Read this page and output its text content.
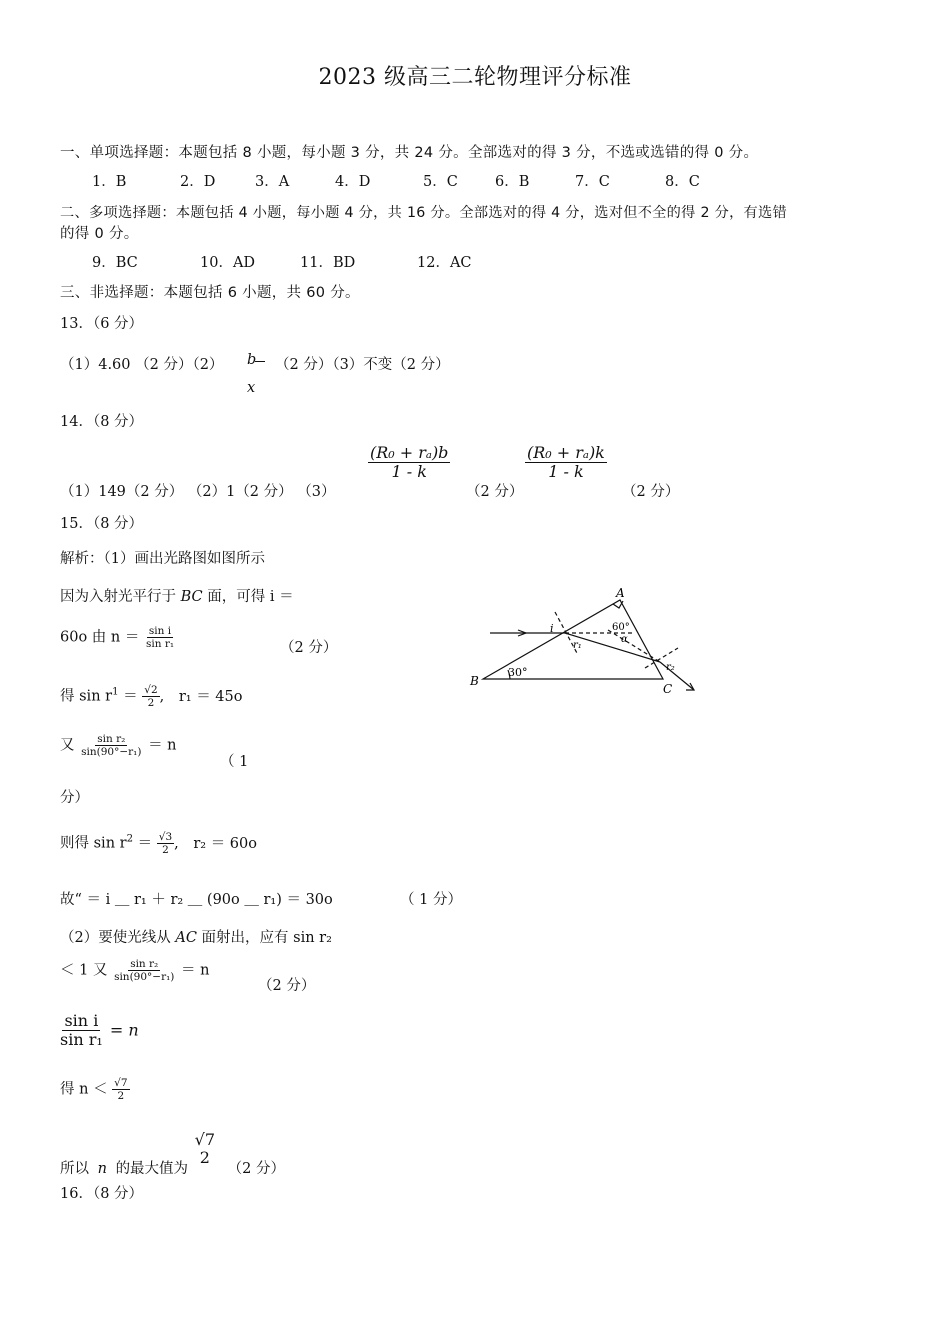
2023 级高三二轮物理评分标准
一、单项选择题：本题包括 8 小题，每小题 3 分，共 24 分。全部选对的得 3 分，不选或选错的得 0 分。
1．B	2．D	3．A	4．D	5．C	6．B	7．C	8．C
二、多项选择题：本题包括 4 小题，每小题 4 分，共 16 分。全部选对的得 4 分，选对但不全的得 2 分，有选错
的得 0 分。
9．BC	10．AD	11．BD	12．AC
三、非选择题：本题包括 6 小题，共 60 分。
13．（6 分）
（1）4.60 （2 分）（2） b
x
（2 分）（3）不变（2 分）
14．（8 分）
（1）149（2 分） （2）1（2 分） （3）
$\frac{\text{(R₀ + rₐ)b}}{1 - k}$
（2 分）
$\frac{\text{(R₀ + rₐ)k}}{1 - k}$
（2 分）
15．（8 分）
解析：（1）画出光路图如图所示
因为入射光平行于 BC 面，可得 i ＝
60o 由 $n = \frac{\text{sin i}}{\text{sin r₁}}$	（2 分）
得 $\sin r^1 = \frac{√2}{2}$ , r₁ ＝ 45o
又 $\frac{\text{sin r₂}}{\text{sin(90°−r₁)}} = n$
（ 1
分）
则得 $\sin r^2 = \frac{√3}{2}$ , r₂ ＝ 60o
故“ ＝ i ＿ r₁ ＋ r₂ ＿ (90o ＿ r₁) ＝ 30o	（ 1 分）
（2）要使光线从 AC 面射出，应有 sin r₂
＜ 1 又 $\frac{\text{sin r₂}}{\text{sin(90°−r₁)}} = n$
（2 分）
$\frac{\text{sin i}}{\text{sin r₁}} = n$
得 $n < \frac{√7}{2}$
所以 n 的最大值为
√7
2
（2 分）
16．（8 分）
B
C
A
30°
60°
i
r₁
r₂
α
